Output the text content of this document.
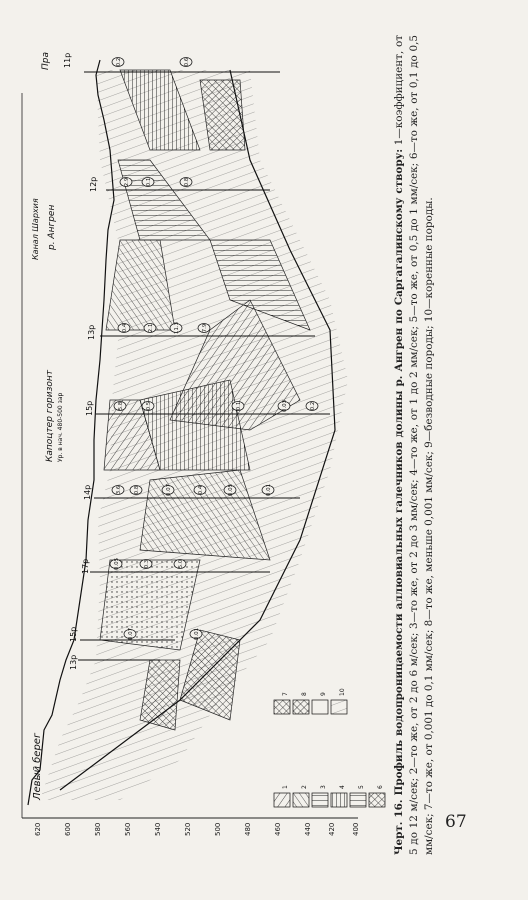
620	600	580	560	540	520	500	480	460	440 420 400
11р
12р
13р
15р
14р
17р
15р
13р
Левый берег
Пра
р. Ангрен
Канал Шархия
Капоцтер горизонт Ур. в нач. 480-500 зар
0.2	0.6
2.9	0.1	0.8
0.4	2.1	11.3	7.9
5.8	0.5	0.1	0.03	0.2
3.6 0.8	0.07	0.4	0.05	0.01
0.05	0.3	5.0
0.07	0.01
1 2 3 4 5 6
7 8 9 10	Черт. 16. Профиль водопроницаемости аллювиальных галечников долины р. Ангрен по Саргагалинскому створу: 1—коэффициент, от 5 до 12 м/сек; 2—то же, от 2 до 6 м/сек; 3—то же, от 2 до 3 мм/сек; 4—то же, от 1 до 2 мм/сек; 5—то же, от 0,5 до 1 мм/сек; 6—то же, от 0,1 до 0,5 мм/сек; 7—то же, от 0,001 до 0,1 мм/сек; 8—то же, меньше 0,001 мм/сек; 9—безводные породы; 10—коренные породы. 67
